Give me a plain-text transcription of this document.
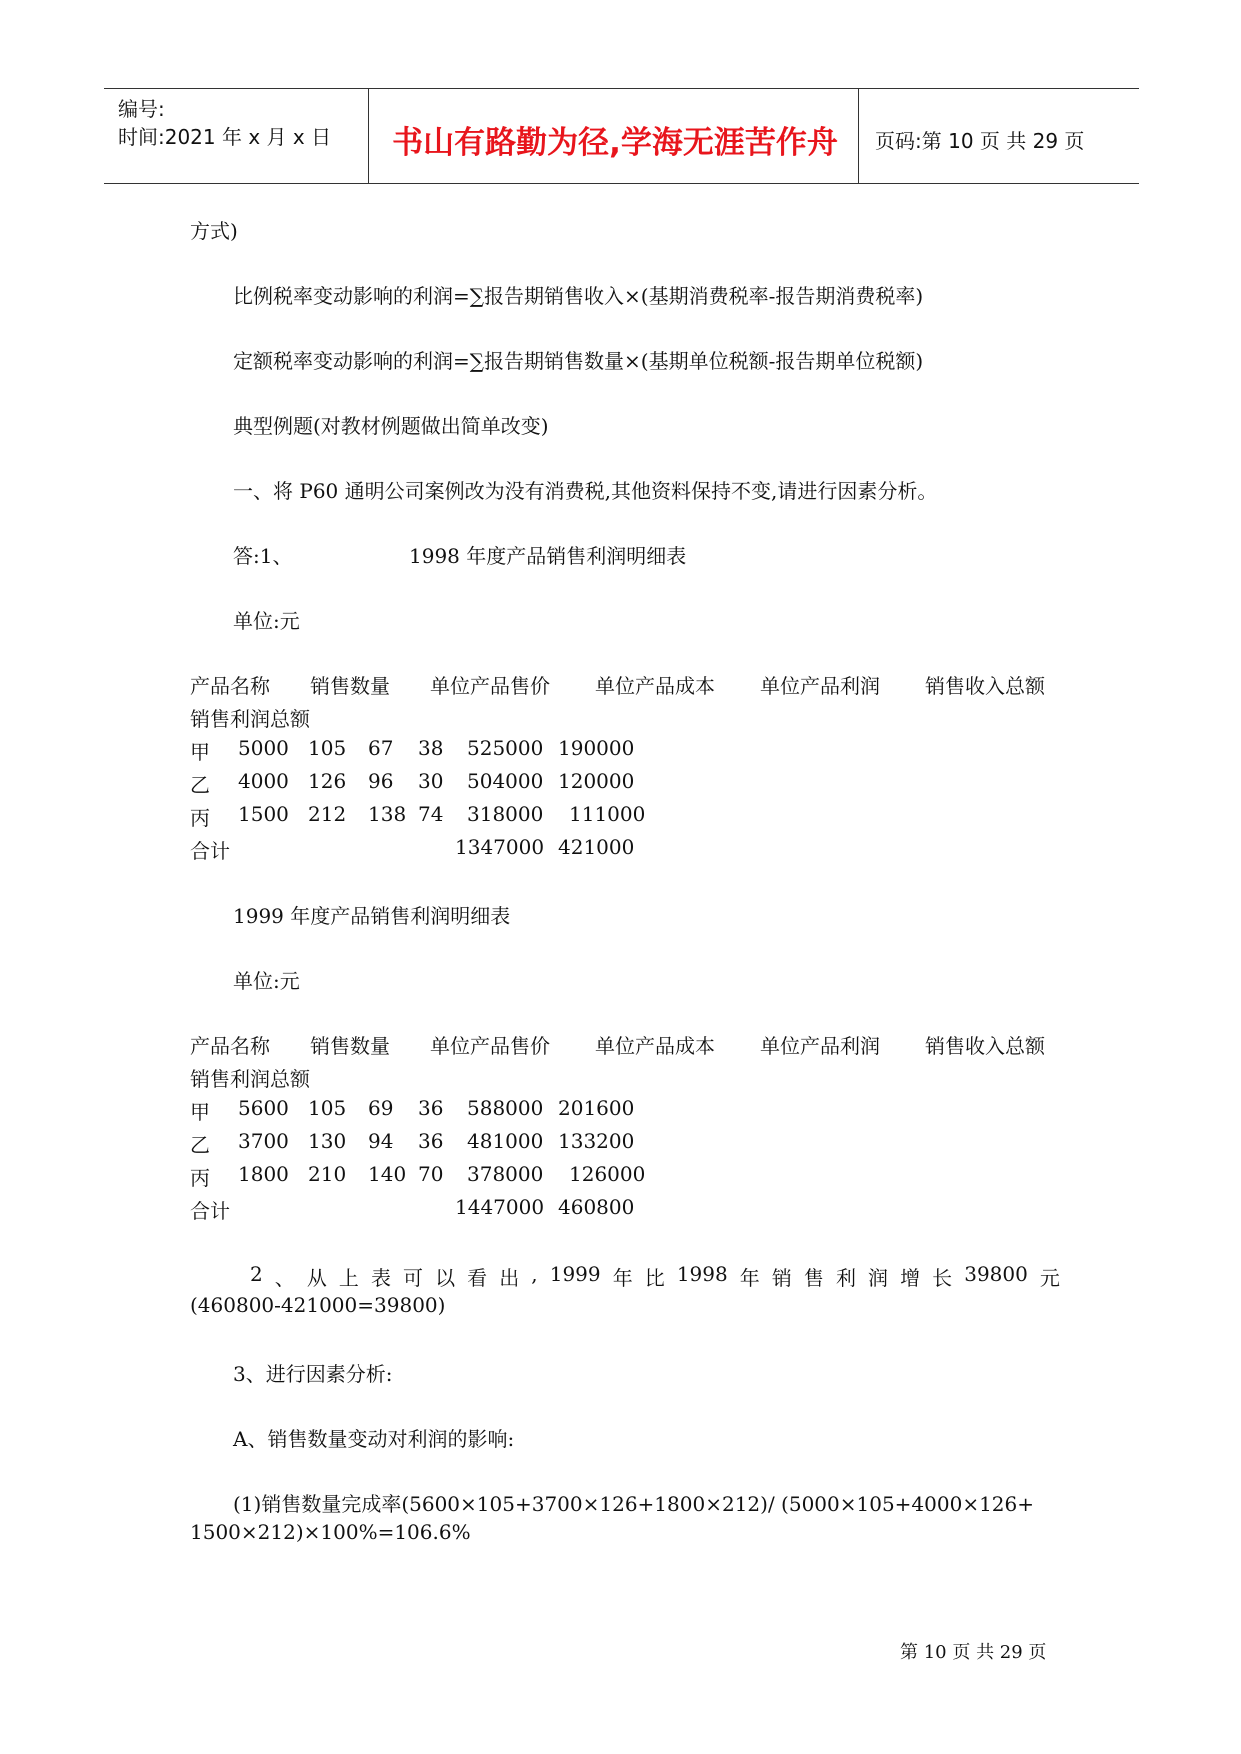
编号:
时间:2021 年 x 月 x 日	书山有路勤为径,学海无涯苦作舟	页码:第 10 页 共 29 页
方式)
比例税率变动影响的利润=∑报告期销售收入×(基期消费税率-报告期消费税率)
定额税率变动影响的利润=∑报告期销售数量×(基期单位税额-报告期单位税额)
典型例题(对教材例题做出简单改变)
一、将 P60 通明公司案例改为没有消费税,其他资料保持不变,请进行因素分析。
答:1、	1998 年度产品销售利润明细表
单位:元
产品名称 销售数量 单位产品售价 单位产品成本 单位产品利润 销售收入总额
销售利润总额
甲 5000 105 67 38 525000 190000
乙 4000 126 96 30 504000 120000
丙 1500 212 138 74 318000 111000
合计	1347000 421000
1999 年度产品销售利润明细表
单位:元
产品名称 销售数量 单位产品售价 单位产品成本 单位产品利润 销售收入总额
销售利润总额
甲 5600 105 69 36 588000 201600
乙 3700 130 94 36 481000 133200
丙 1800 210 140 70 378000 126000
合计	1447000 460800
2 、 从 上 表 可 以 看 出 , 1999 年 比 1998 年 销 售 利 润 增 长 39800 元
(460800-421000=39800)
3、进行因素分析:
A、销售数量变动对利润的影响:
(1)销售数量完成率(5600×105+3700×126+1800×212)/ (5000×105+4000×126+
1500×212)×100%=106.6%
第 10 页 共 29 页
